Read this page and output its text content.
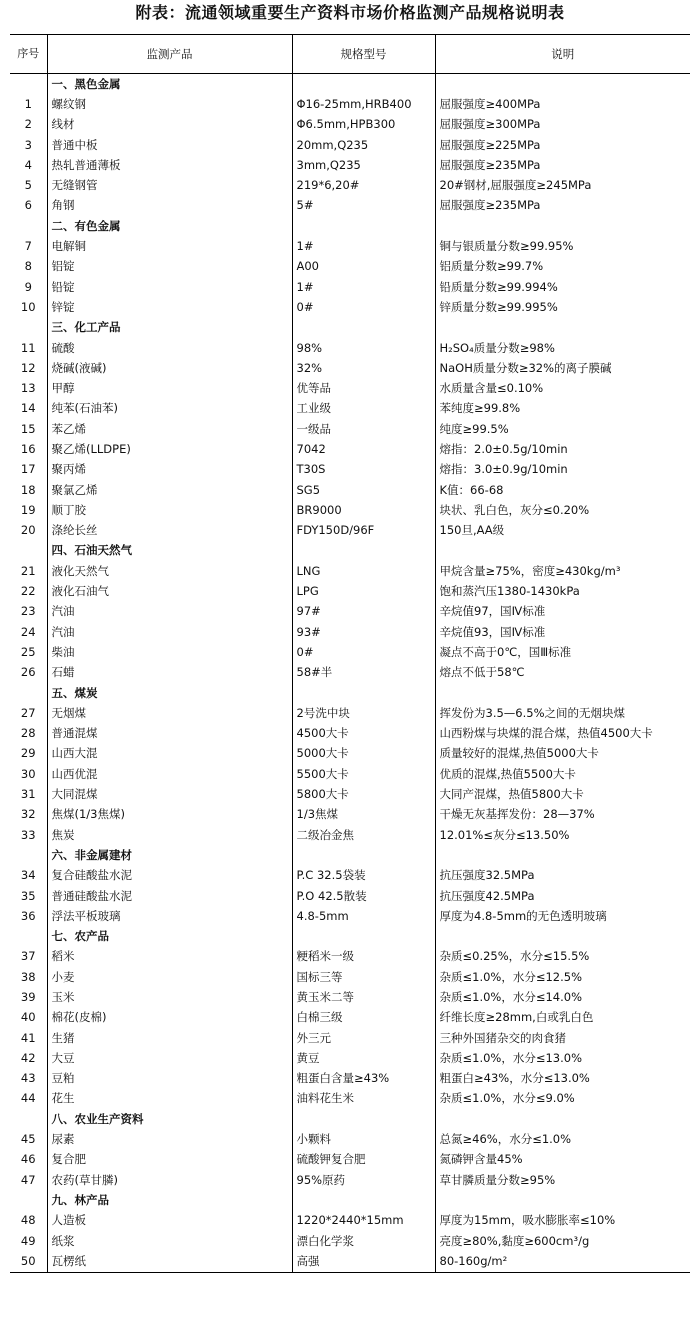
附表：流通领域重要生产资料市场价格监测产品规格说明表
序号	监测产品	规格型号	说明
	一、黑色金属		
1	螺纹钢	Φ16-25mm,HRB400	屈服强度≥400MPa
2	线材	Φ6.5mm,HPB300	屈服强度≥300MPa
3	普通中板	20mm,Q235	屈服强度≥225MPa
4	热轧普通薄板	3mm,Q235	屈服强度≥235MPa
5	无缝钢管	219*6,20#	20#钢材,屈服强度≥245MPa
6	角钢	5#	屈服强度≥235MPa
	二、有色金属		
7	电解铜	1#	铜与银质量分数≥99.95%
8	铝锭	A00	铝质量分数≥99.7%
9	铅锭	1#	铅质量分数≥99.994%
10	锌锭	0#	锌质量分数≥99.995%
	三、化工产品		
11	硫酸	98%	H₂SO₄质量分数≥98%
12	烧碱(液碱)	32%	NaOH质量分数≥32%的离子膜碱
13	甲醇	优等品	水质量含量≤0.10%
14	纯苯(石油苯)	工业级	苯纯度≥99.8%
15	苯乙烯	一级品	纯度≥99.5%
16	聚乙烯(LLDPE)	7042	熔指：2.0±0.5g/10min
17	聚丙烯	T30S	熔指：3.0±0.9g/10min
18	聚氯乙烯	SG5	K值：66-68
19	顺丁胶	BR9000	块状、乳白色，灰分≤0.20%
20	涤纶长丝	FDY150D/96F	150旦,AA级
	四、石油天然气		
21	液化天然气	LNG	甲烷含量≥75%，密度≥430kg/m³
22	液化石油气	LPG	饱和蒸汽压1380-1430kPa
23	汽油	97#	辛烷值97，国Ⅳ标准
24	汽油	93#	辛烷值93，国Ⅳ标准
25	柴油	0#	凝点不高于0℃，国Ⅲ标准
26	石蜡	58#半	熔点不低于58℃
	五、煤炭		
27	无烟煤	2号洗中块	挥发份为3.5—6.5%之间的无烟块煤
28	普通混煤	4500大卡	山西粉煤与块煤的混合煤，热值4500大卡
29	山西大混	5000大卡	质量较好的混煤,热值5000大卡
30	山西优混	5500大卡	优质的混煤,热值5500大卡
31	大同混煤	5800大卡	大同产混煤，热值5800大卡
32	焦煤(1/3焦煤)	1/3焦煤	干燥无灰基挥发份：28—37%
33	焦炭	二级冶金焦	12.01%≤灰分≤13.50%
	六、非金属建材		
34	复合硅酸盐水泥	P.C 32.5袋装	抗压强度32.5MPa
35	普通硅酸盐水泥	P.O 42.5散装	抗压强度42.5MPa
36	浮法平板玻璃	4.8-5mm	厚度为4.8-5mm的无色透明玻璃
	七、农产品		
37	稻米	粳稻米一级	杂质≤0.25%，水分≤15.5%
38	小麦	国标三等	杂质≤1.0%，水分≤12.5%
39	玉米	黄玉米二等	杂质≤1.0%，水分≤14.0%
40	棉花(皮棉)	白棉三级	纤维长度≥28mm,白或乳白色
41	生猪	外三元	三种外国猪杂交的肉食猪
42	大豆	黄豆	杂质≤1.0%，水分≤13.0%
43	豆粕	粗蛋白含量≥43%	粗蛋白≥43%，水分≤13.0%
44	花生	油料花生米	杂质≤1.0%，水分≤9.0%
	八、农业生产资料		
45	尿素	小颗料	总氮≥46%，水分≤1.0%
46	复合肥	硫酸钾复合肥	氮磷钾含量45%
47	农药(草甘膦)	95%原药	草甘膦质量分数≥95%
	九、林产品		
48	人造板	1220*2440*15mm	厚度为15mm，吸水膨胀率≤10%
49	纸浆	漂白化学浆	亮度≥80%,黏度≥600cm³/g
50	瓦楞纸	高强	80-160g/m²
